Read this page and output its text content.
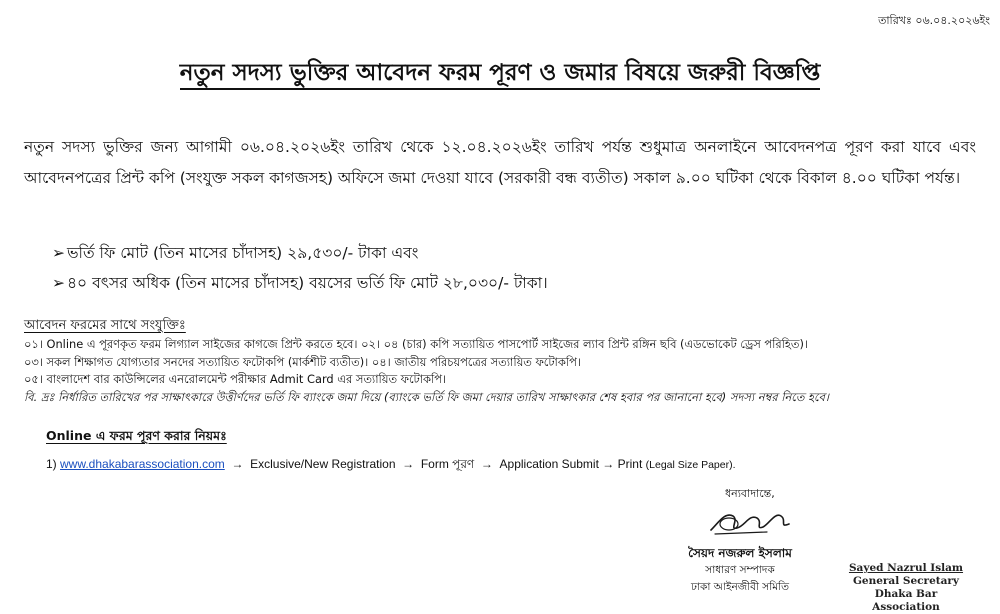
তারিখঃ ০৬.০৪.২০২৬ইং
নতুন সদস্য ভুক্তির আবেদন ফরম পূরণ ও জমার বিষয়ে জরুরী বিজ্ঞপ্তি
নতুন সদস্য ভুক্তির জন্য আগামী ০৬.০৪.২০২৬ইং তারিখ থেকে ১২.০৪.২০২৬ইং তারিখ পর্যন্ত শুধুমাত্র অনলাইনে আবেদনপত্র পূরণ করা যাবে এবং আবেদনপত্রের প্রিন্ট কপি (সংযুক্ত সকল কাগজসহ) অফিসে জমা দেওয়া যাবে (সরকারী বন্ধ ব্যতীত) সকাল ৯.০০ ঘটিকা থেকে বিকাল ৪.০০ ঘটিকা পর্যন্ত।
➢ ভর্তি ফি মোট (তিন মাসের চাঁদাসহ) ২৯,৫৩০/- টাকা এবং
➢ ৪০ বৎসর অধিক (তিন মাসের চাঁদাসহ) বয়সের ভর্তি ফি মোট ২৮,০৩০/- টাকা।
আবেদন ফরমের সাথে সংযুক্তিঃ
০১। Online এ পূরণকৃত ফরম লিগ্যাল সাইজের কাগজে প্রিন্ট করতে হবে। ০২। ০৪ (চার) কপি সত্যায়িত পাসপোর্ট সাইজের ল্যাব প্রিন্ট রঙ্গিন ছবি (এডভোকেট ড্রেস পরিহিত)।
০৩। সকল শিক্ষাগত যোগ্যতার সনদের সত্যায়িত ফটোকপি (মার্কশীট ব্যতীত)। ০৪। জাতীয় পরিচয়পত্রের সত্যায়িত ফটোকপি।
০৫। বাংলাদেশ বার কাউন্সিলের এনরোলমেন্ট পরীক্ষার Admit Card এর সত্যায়িত ফটোকপি।
বি. দ্রঃ নির্ধারিত তারিখের পর সাক্ষাৎকারে উত্তীর্ণদের ভর্তি ফি ব্যাংকে জমা দিয়ে (ব্যাংকে ভর্তি ফি জমা দেয়ার তারিখ সাক্ষাৎকার শেষ হবার পর জানানো হবে) সদস্য নম্বর নিতে হবে।
Online এ ফরম পূরণ করার নিয়মঃ
1) www.dhakabarassociation.com → Exclusive/New Registration → Form পূরণ → Application Submit → Print (Legal Size Paper).
ধন্যবাদান্তে,
সৈয়দ নজরুল ইসলাম
সাধারণ সম্পাদক
ঢাকা আইনজীবী সমিতি
Sayed Nazrul Islam
General Secretary
Dhaka Bar Association
